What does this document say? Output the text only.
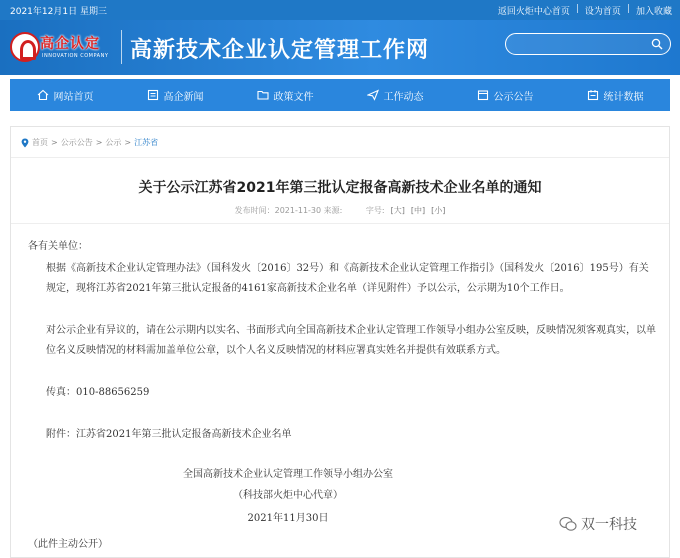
2021年12月1日 星期三	返回火炬中心首页 | 设为首页 | 加入收藏
高企认定
INNOVATION COMPANY 高新技术企业认定管理工作网
网站首页	高企新闻	政策文件	工作动态	公示公告	统计数据
首页 > 公示公告 > 公示 > 江苏省
关于公示江苏省2021年第三批认定报备高新技术企业名单的通知
发布时间：2021-11-30 来源:	字号: [大] [中] [小]
各有关单位：
根据《高新技术企业认定管理办法》（国科发火〔2016〕32号）和《高新技术企业认定管理工作指引》（国科发火〔2016〕195号）有关规定，现将江苏省2021年第三批认定报备的4161家高新技术企业名单（详见附件）予以公示，公示期为10个工作日。
对公示企业有异议的，请在公示期内以实名、书面形式向全国高新技术企业认定管理工作领导小组办公室反映，反映情况须客观真实，以单位名义反映情况的材料需加盖单位公章，以个人名义反映情况的材料应署真实姓名并提供有效联系方式。
传真：010-88656259
附件：江苏省2021年第三批认定报备高新技术企业名单
全国高新技术企业认定管理工作领导小组办公室
（科技部火炬中心代章）
2021年11月30日
（此件主动公开）
双一科技
